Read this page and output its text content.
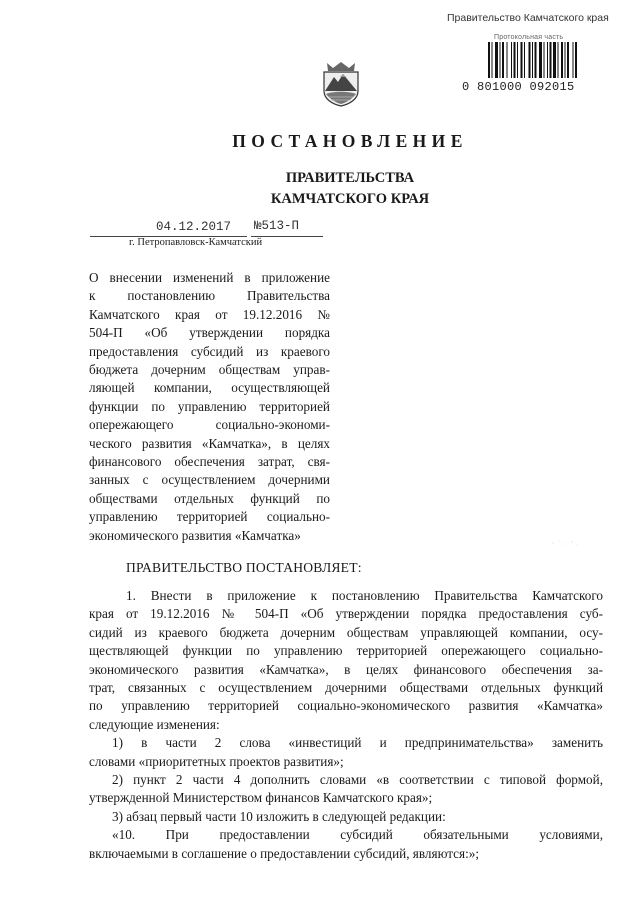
Правительство Камчатского края
Протокольная часть
0 801000 092015
ПОСТАНОВЛЕНИЕ
ПРАВИТЕЛЬСТВА
КАМЧАТСКОГО КРАЯ
04.12.2017 №513-П
г. Петропавловск-Камчатский
О внесении изменений в приложение
к постановлению Правительства
Камчатского края от 19.12.2016 №
504-П «Об утверждении порядка
предоставления субсидий из краевого
бюджета дочерним обществам управ-
ляющей компании, осуществляющей
функции по управлению территорией
опережающего социально-экономи-
ческого развития «Камчатка», в целях
финансового обеспечения затрат, свя-
занных с осуществлением дочерними
обществами отдельных функций по
управлению территорией социально-
экономического развития «Камчатка»
ПРАВИТЕЛЬСТВО ПОСТАНОВЛЯЕТ:
1. Внести в приложение к постановлению Правительства Камчатского
края от 19.12.2016 № 504-П «Об утверждении порядка предоставления суб-
сидий из краевого бюджета дочерним обществам управляющей компании, осу-
ществляющей функции по управлению территорией опережающего социально-
экономического развития «Камчатка», в целях финансового обеспечения за-
трат, связанных с осуществлением дочерними обществами отдельных функций
по управлению территорией социально-экономического развития «Камчатка»
следующие изменения:
1) в части 2 слова «инвестиций и предпринимательства» заменить
словами «приоритетных проектов развития»;
2) пункт 2 части 4 дополнить словами «в соответствии с типовой формой,
утвержденной Министерством финансов Камчатского края»;
3) абзац первый части 10 изложить в следующей редакции:
«10. При предоставлении субсидий обязательными условиями,
включаемыми в соглашение о предоставлении субсидий, являются:»;
